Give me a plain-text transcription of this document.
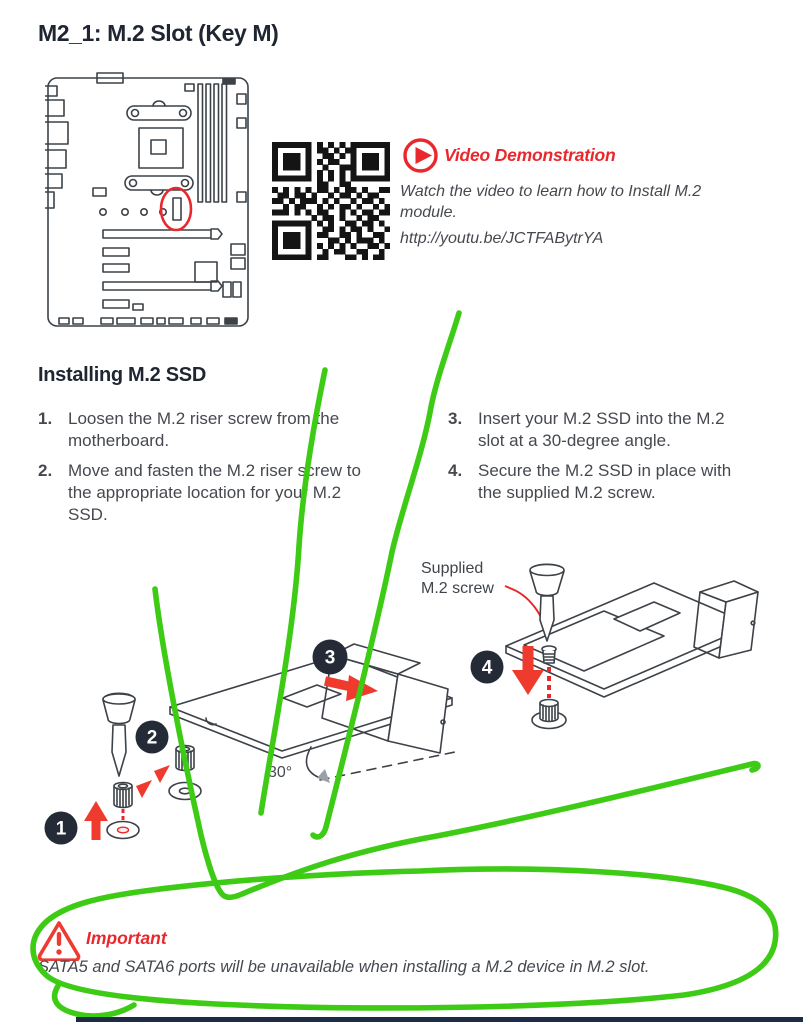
M2_1: M.2 Slot (Key M)
Video Demonstration
Watch the video to learn how to Install M.2 module.
http://youtu.be/JCTFABytrYA
Installing M.2 SSD
1. Loosen the M.2 riser screw from the motherboard.
2. Move and fasten the M.2 riser screw to the appropriate location for your M.2 SSD.
3. Insert your M.2 SSD into the M.2 slot at a 30-degree angle.
4. Secure the M.2 SSD in place with the supplied M.2 screw.
30°
1
2
3
Supplied
M.2 screw
4
Important
SATA5 and SATA6 ports will be unavailable when installing a M.2 device in M.2 slot.
